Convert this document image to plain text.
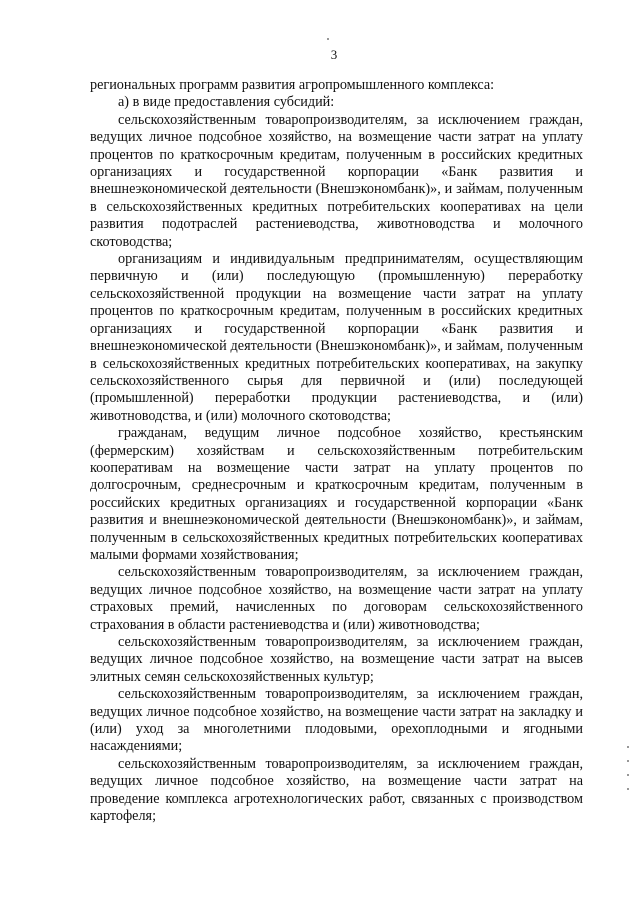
3

региональных программ развития агропромышленного комплекса:

а) в виде предоставления субсидий:

сельскохозяйственным товаропроизводителям, за исключением граждан, ведущих личное подсобное хозяйство, на возмещение части затрат на уплату процентов по краткосрочным кредитам, полученным в российских кредитных организациях и государственной корпорации «Банк развития и внешнеэкономической деятельности (Внешэкономбанк)», и займам, полученным в сельскохозяйственных кредитных потребительских кооперативах на цели развития подотраслей растениеводства, животноводства и молочного скотоводства;

организациям и индивидуальным предпринимателям, осуществляющим первичную и (или) последующую (промышленную) переработку сельскохозяйственной продукции на возмещение части затрат на уплату процентов по краткосрочным кредитам, полученным в российских кредитных организациях и государственной корпорации «Банк развития и внешнеэкономической деятельности (Внешэкономбанк)», и займам, полученным в сельскохозяйственных кредитных потребительских кооперативах, на закупку сельскохозяйственного сырья для первичной и (или) последующей (промышленной) переработки продукции растениеводства, и (или) животноводства, и (или) молочного скотоводства;

гражданам, ведущим личное подсобное хозяйство, крестьянским (фермерским) хозяйствам и сельскохозяйственным потребительским кооперативам на возмещение части затрат на уплату процентов по долгосрочным, среднесрочным и краткосрочным кредитам, полученным в российских кредитных организациях и государственной корпорации «Банк развития и внешнеэкономической деятельности (Внешэкономбанк)», и займам, полученным в сельскохозяйственных кредитных потребительских кооперативах малыми формами хозяйствования;

сельскохозяйственным товаропроизводителям, за исключением граждан, ведущих личное подсобное хозяйство, на возмещение части затрат на уплату страховых премий, начисленных по договорам сельскохозяйственного страхования в области растениеводства и (или) животноводства;

сельскохозяйственным товаропроизводителям, за исключением граждан, ведущих личное подсобное хозяйство, на возмещение части затрат на высев элитных семян сельскохозяйственных культур;

сельскохозяйственным товаропроизводителям, за исключением граждан, ведущих личное подсобное хозяйство, на возмещение части затрат на закладку и (или) уход за многолетними плодовыми, орехоплодными и ягодными насаждениями;

сельскохозяйственным товаропроизводителям, за исключением граждан, ведущих личное подсобное хозяйство, на возмещение части затрат на проведение комплекса агротехнологических работ, связанных с производством картофеля;
